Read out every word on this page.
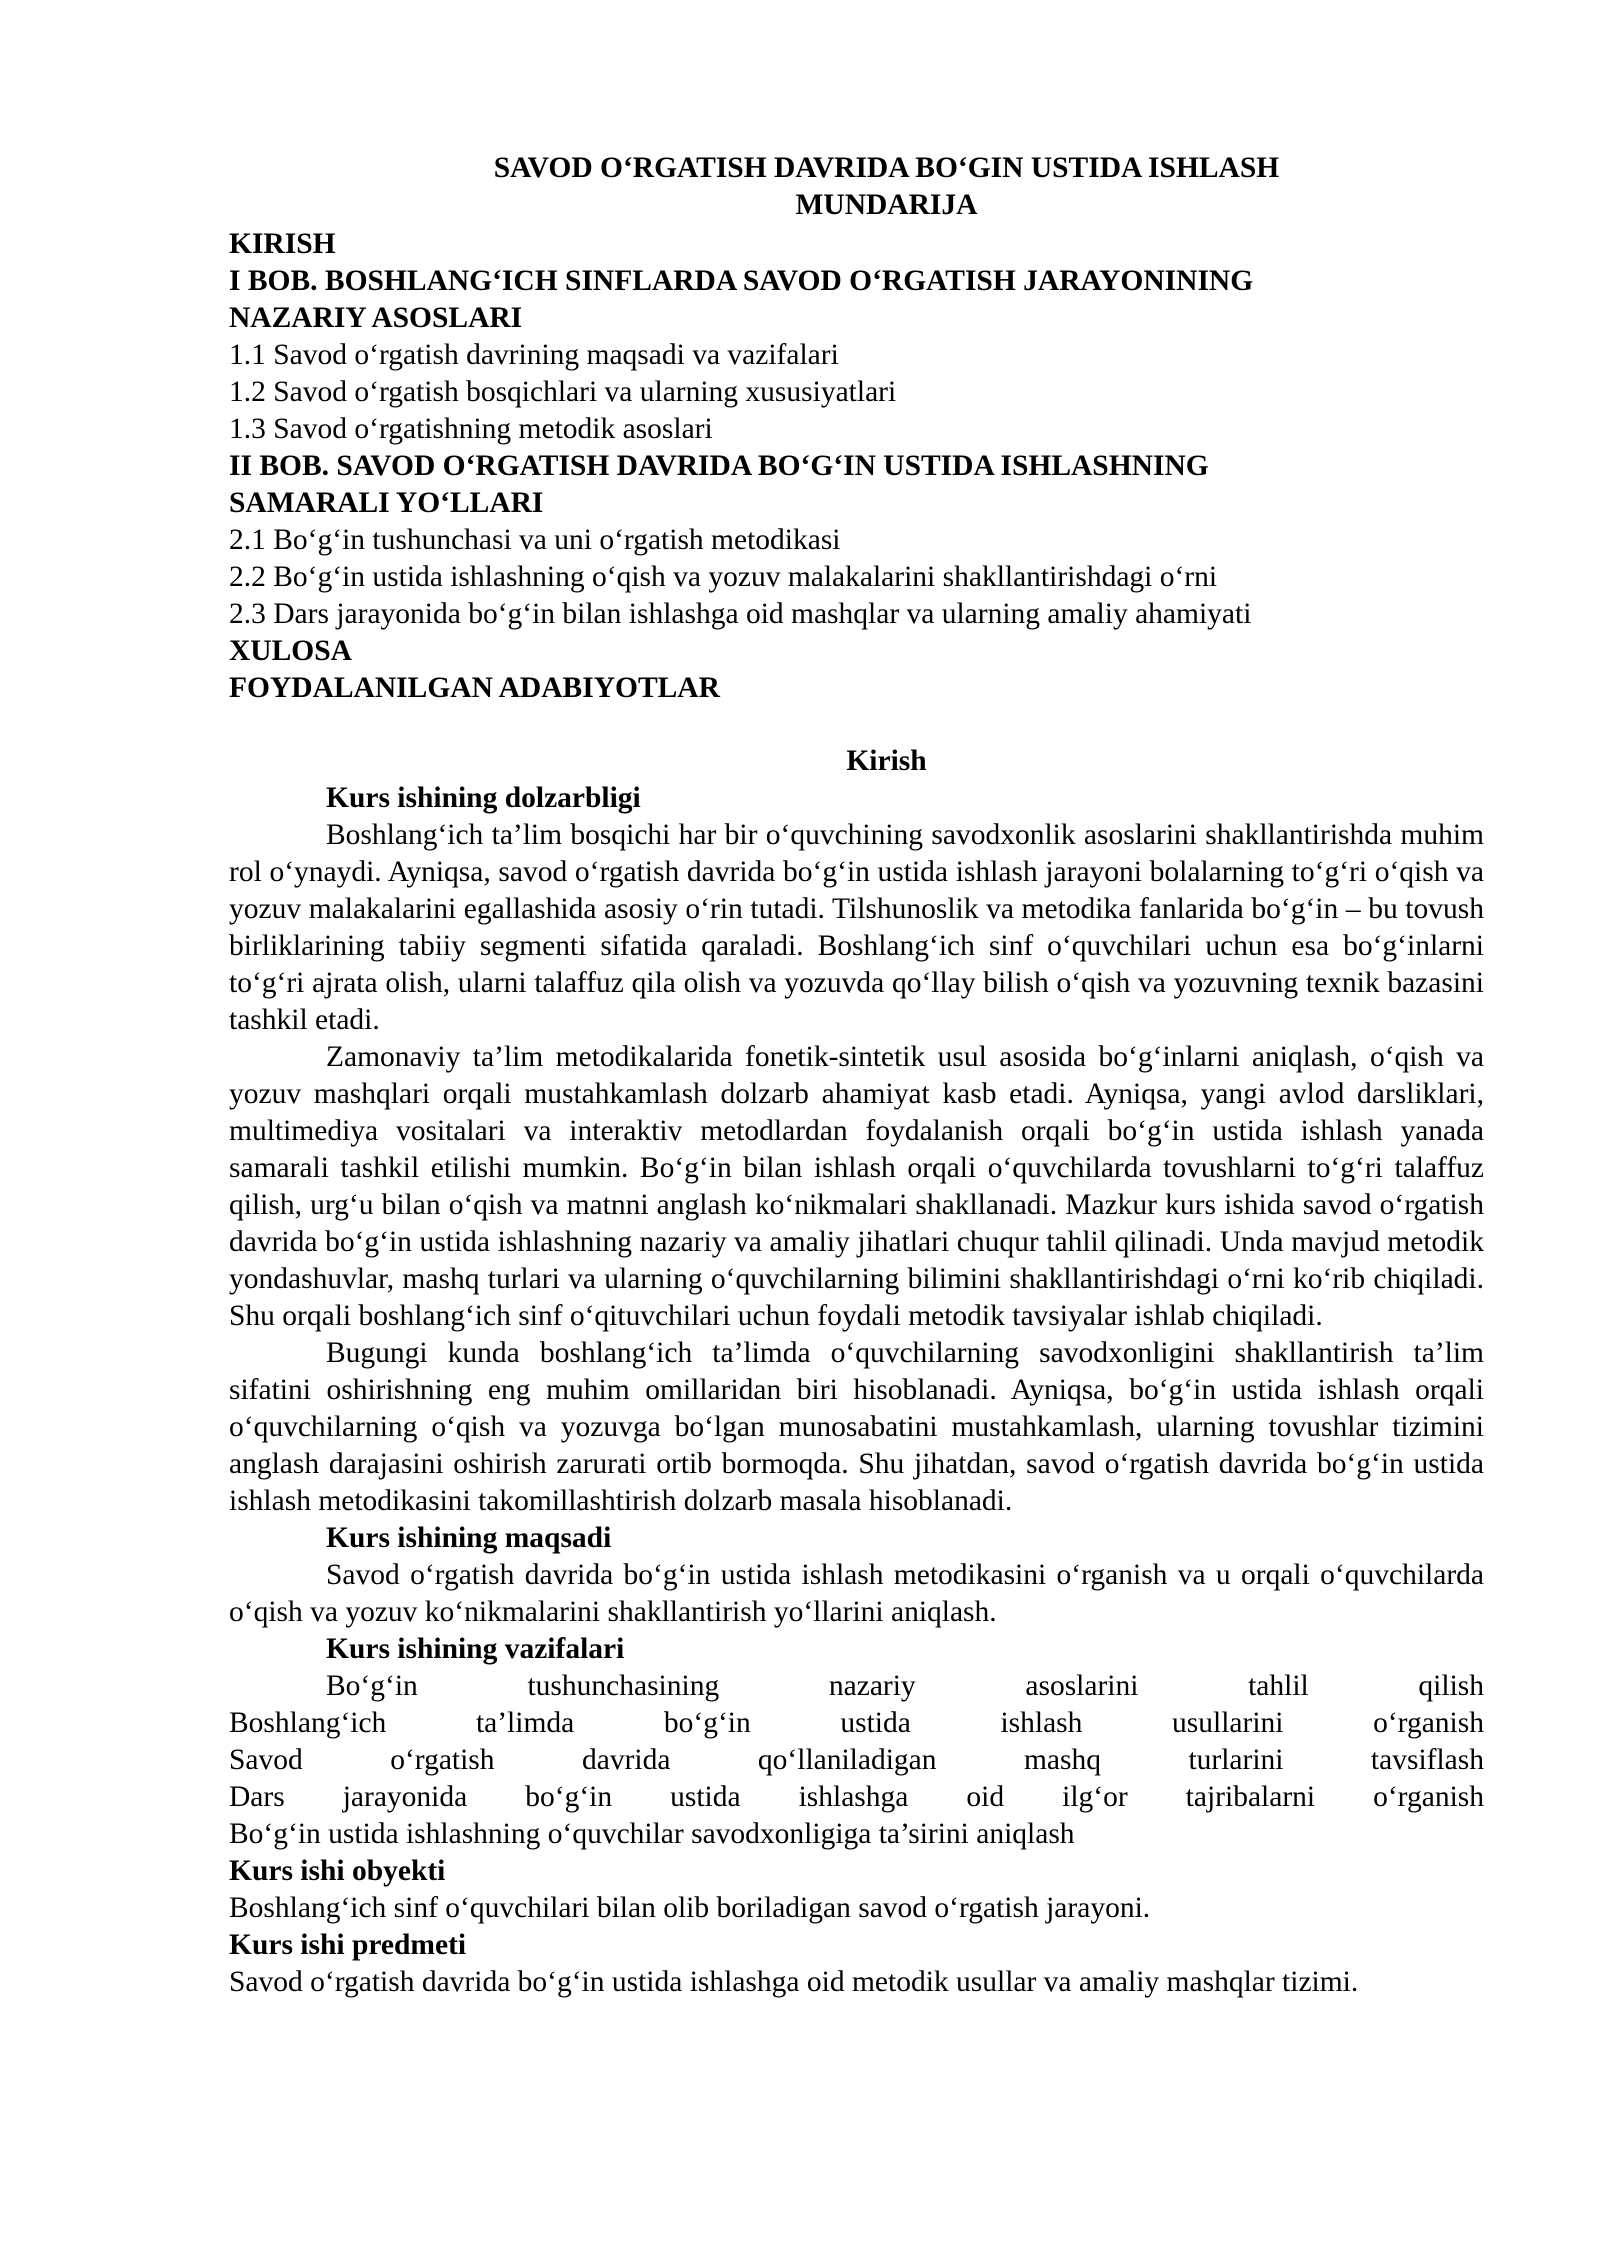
SAVOD O‘RGATISH DAVRIDA BO‘GIN USTIDA ISHLASH

MUNDARIJA

KIRISH

I BOB. BOSHLANG‘ICH SINFLARDA SAVOD O‘RGATISH JARAYONINING

NAZARIY ASOSLARI

1.1 Savod o‘rgatish davrining maqsadi va vazifalari

1.2 Savod o‘rgatish bosqichlari va ularning xususiyatlari

1.3 Savod o‘rgatishning metodik asoslari

II BOB. SAVOD O‘RGATISH DAVRIDA BO‘G‘IN USTIDA ISHLASHNING

SAMARALI YO‘LLARI

2.1 Bo‘g‘in tushunchasi va uni o‘rgatish metodikasi

2.2 Bo‘g‘in ustida ishlashning o‘qish va yozuv malakalarini shakllantirishdagi o‘rni

2.3 Dars jarayonida bo‘g‘in bilan ishlashga oid mashqlar va ularning amaliy ahamiyati

XULOSA

FOYDALANILGAN ADABIYOTLAR

Kirish

Kurs ishining dolzarbligi

Boshlang‘ich ta’lim bosqichi har bir o‘quvchining savodxonlik asoslarini shakllantirishda muhim rol o‘ynaydi. Ayniqsa, savod o‘rgatish davrida bo‘g‘in ustida ishlash jarayoni bolalarning to‘g‘ri o‘qish va yozuv malakalarini egallashida asosiy o‘rin tutadi. Tilshunoslik va metodika fanlarida bo‘g‘in – bu tovush birliklarining tabiiy segmenti sifatida qaraladi. Boshlang‘ich sinf o‘quvchilari uchun esa bo‘g‘inlarni to‘g‘ri ajrata olish, ularni talaffuz qila olish va yozuvda qo‘llay bilish o‘qish va yozuvning texnik bazasini tashkil etadi.

Zamonaviy ta’lim metodikalarida fonetik-sintetik usul asosida bo‘g‘inlarni aniqlash, o‘qish va yozuv mashqlari orqali mustahkamlash dolzarb ahamiyat kasb etadi. Ayniqsa, yangi avlod darsliklari, multimediya vositalari va interaktiv metodlardan foydalanish orqali bo‘g‘in ustida ishlash yanada samarali tashkil etilishi mumkin. Bo‘g‘in bilan ishlash orqali o‘quvchilarda tovushlarni to‘g‘ri talaffuz qilish, urg‘u bilan o‘qish va matnni anglash ko‘nikmalari shakllanadi. Mazkur kurs ishida savod o‘rgatish davrida bo‘g‘in ustida ishlashning nazariy va amaliy jihatlari chuqur tahlil qilinadi. Unda mavjud metodik yondashuvlar, mashq turlari va ularning o‘quvchilarning bilimini shakllantirishdagi o‘rni ko‘rib chiqiladi. Shu orqali boshlang‘ich sinf o‘qituvchilari uchun foydali metodik tavsiyalar ishlab chiqiladi.

Bugungi kunda boshlang‘ich ta’limda o‘quvchilarning savodxonligini shakllantirish ta’lim sifatini oshirishning eng muhim omillaridan biri hisoblanadi. Ayniqsa, bo‘g‘in ustida ishlash orqali o‘quvchilarning o‘qish va yozuvga bo‘lgan munosabatini mustahkamlash, ularning tovushlar tizimini anglash darajasini oshirish zarurati ortib bormoqda. Shu jihatdan, savod o‘rgatish davrida bo‘g‘in ustida ishlash metodikasini takomillashtirish dolzarb masala hisoblanadi.

Kurs ishining maqsadi

Savod o‘rgatish davrida bo‘g‘in ustida ishlash metodikasini o‘rganish va u orqali o‘quvchilarda o‘qish va yozuv ko‘nikmalarini shakllantirish yo‘llarini aniqlash.

Kurs ishining vazifalari

Bo‘g‘in tushunchasining nazariy asoslarini tahlil qilish
Boshlang‘ich ta’limda bo‘g‘in ustida ishlash usullarini o‘rganish
Savod o‘rgatish davrida qo‘llaniladigan mashq turlarini tavsiflash
Dars jarayonida bo‘g‘in ustida ishlashga oid ilg‘or tajribalarni o‘rganish
Bo‘g‘in ustida ishlashning o‘quvchilar savodxonligiga ta’sirini aniqlash

Kurs ishi obyekti

Boshlang‘ich sinf o‘quvchilari bilan olib boriladigan savod o‘rgatish jarayoni.

Kurs ishi predmeti

Savod o‘rgatish davrida bo‘g‘in ustida ishlashga oid metodik usullar va amaliy mashqlar tizimi.
